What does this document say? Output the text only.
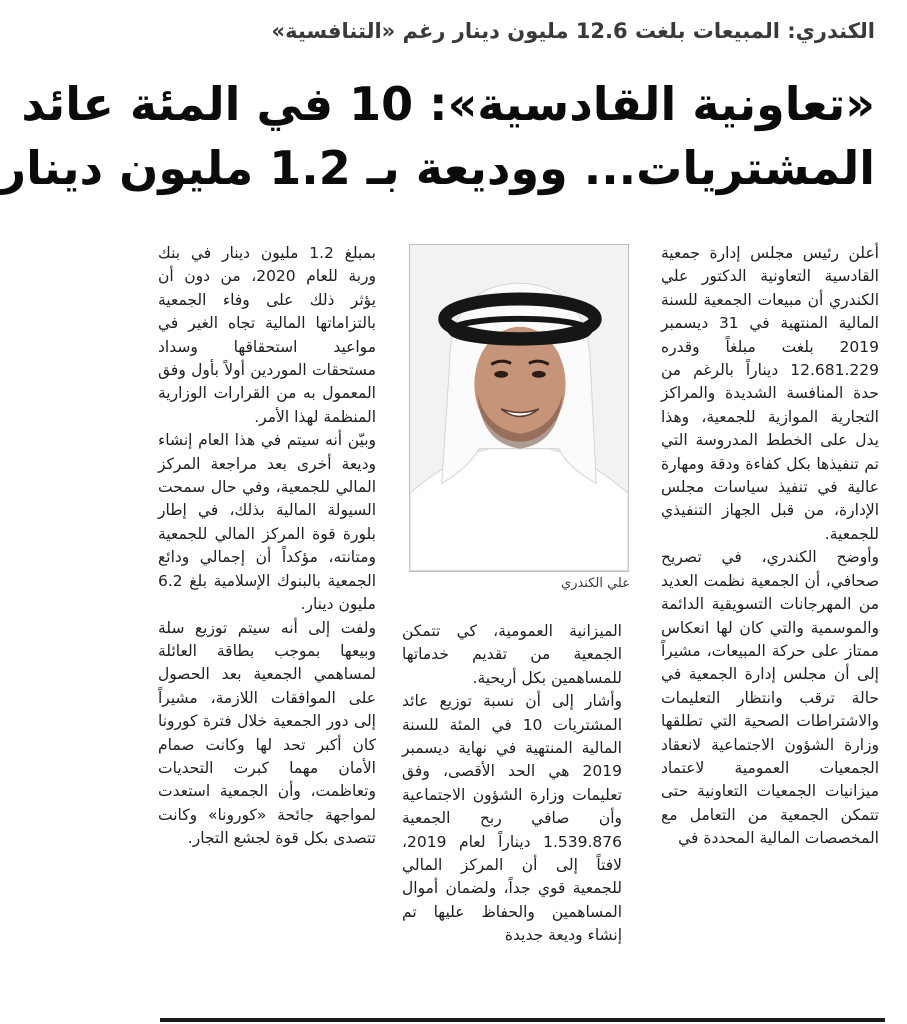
الكندري: المبيعات بلغت 12.6 مليون دينار رغم «التنافسية»
«تعاونية القادسية»: 10 في المئة عائد
المشتريات... ووديعة بـ 1.2 مليون دينار

أعلن رئيس مجلس إدارة جمعية القادسية التعاونية الدكتور علي الكندري أن مبيعات الجمعية للسنة المالية المنتهية في 31 ديسمبر 2019 بلغت مبلغاً وقدره 12.681.229 ديناراً بالرغم من حدة المنافسة الشديدة والمراكز التجارية الموازية للجمعية، وهذا يدل على الخطط المدروسة التي تم تنفيذها بكل كفاءة ودقة ومهارة عالية في تنفيذ سياسات مجلس الإدارة، من قبل الجهاز التنفيذي للجمعية.

وأوضح الكندري، في تصريح صحافي، أن الجمعية نظمت العديد من المهرجانات التسويقية الدائمة والموسمية والتي كان لها انعكاس ممتاز على حركة المبيعات، مشيراً إلى أن مجلس إدارة الجمعية في حالة ترقب وانتظار التعليمات والاشتراطات الصحية التي تطلقها وزارة الشؤون الاجتماعية لانعقاد الجمعيات العمومية لاعتماد ميزانيات الجمعيات التعاونية حتى تتمكن الجمعية من التعامل مع المخصصات المالية المحددة في

علي الكندري

الميزانية العمومية، كي تتمكن الجمعية من تقديم خدماتها للمساهمين بكل أريحية.

وأشار إلى أن نسبة توزيع عائد المشتريات 10 في المئة للسنة المالية المنتهية في نهاية ديسمبر 2019 هي الحد الأقصى، وفق تعليمات وزارة الشؤون الاجتماعية وأن صافي ربح الجمعية 1.539.876 ديناراً لعام 2019، لافتاً إلى أن المركز المالي للجمعية قوي جداً، ولضمان أموال المساهمين والحفاظ عليها تم إنشاء وديعة جديدة

بمبلغ 1.2 مليون دينار في بنك وربة للعام 2020، من دون أن يؤثر ذلك على وفاء الجمعية بالتزاماتها المالية تجاه الغير في مواعيد استحقاقها وسداد مستحقات الموردين أولاً بأول وفق المعمول به من القرارات الوزارية المنظمة لهذا الأمر.

وبيّن أنه سيتم في هذا العام إنشاء وديعة أخرى بعد مراجعة المركز المالي للجمعية، وفي حال سمحت السيولة المالية بذلك، في إطار بلورة قوة المركز المالي للجمعية ومتانته، مؤكداً أن إجمالي ودائع الجمعية بالبنوك الإسلامية بلغ 6.2 مليون دينار.

ولفت إلى أنه سيتم توزيع سلة وبيعها بموجب بطاقة العائلة لمساهمي الجمعية بعد الحصول على الموافقات اللازمة، مشيراً إلى دور الجمعية خلال فترة كورونا كان أكبر تحد لها وكانت صمام الأمان مهما كبرت التحديات وتعاظمت، وأن الجمعية استعدت لمواجهة جائحة «كورونا» وكانت تتصدى بكل قوة لجشع التجار.
